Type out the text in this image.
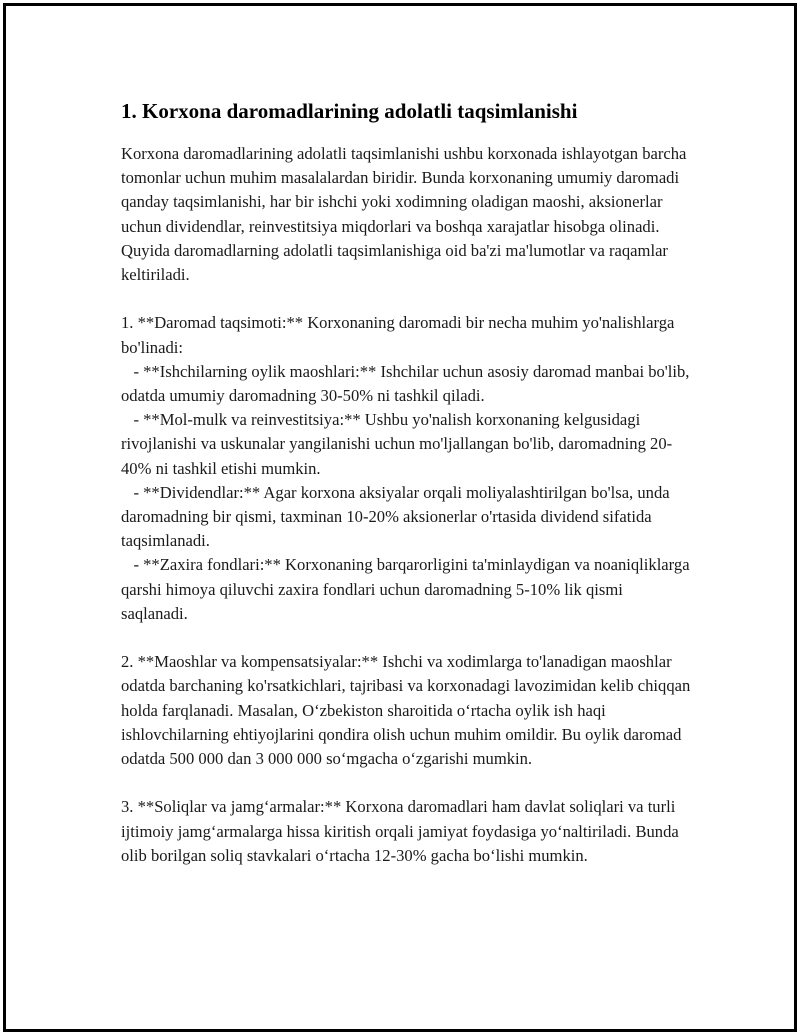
1. Korxona daromadlarining adolatli taqsimlanishi

Korxona daromadlarining adolatli taqsimlanishi ushbu korxonada ishlayotgan barcha tomonlar uchun muhim masalalardan biridir. Bunda korxonaning umumiy daromadi qanday taqsimlanishi, har bir ishchi yoki xodimning oladigan maoshi, aksionerlar uchun dividendlar, reinvestitsiya miqdorlari va boshqa xarajatlar hisobga olinadi. Quyida daromadlarning adolatli taqsimlanishiga oid ba'zi ma'lumotlar va raqamlar keltiriladi.

1. **Daromad taqsimoti:** Korxonaning daromadi bir necha muhim yo'nalishlarga bo'linadi:

- **Ishchilarning oylik maoshlari:** Ishchilar uchun asosiy daromad manbai bo'lib, odatda umumiy daromadning 30-50% ni tashkil qiladi.

- **Mol-mulk va reinvestitsiya:** Ushbu yo'nalish korxonaning kelgusidagi rivojlanishi va uskunalar yangilanishi uchun mo'ljallangan bo'lib, daromadning 20-40% ni tashkil etishi mumkin.

- **Dividendlar:** Agar korxona aksiyalar orqali moliyalashtirilgan bo'lsa, unda daromadning bir qismi, taxminan 10-20% aksionerlar o'rtasida dividend sifatida taqsimlanadi.

- **Zaxira fondlari:** Korxonaning barqarorligini ta'minlaydigan va noaniqliklarga qarshi himoya qiluvchi zaxira fondlari uchun daromadning 5-10% lik qismi saqlanadi.

2. **Maoshlar va kompensatsiyalar:** Ishchi va xodimlarga to'lanadigan maoshlar odatda barchaning ko'rsatkichlari, tajribasi va korxonadagi lavozimidan kelib chiqqan holda farqlanadi. Masalan, O‘zbekiston sharoitida o‘rtacha oylik ish haqi ishlovchilarning ehtiyojlarini qondira olish uchun muhim omildir. Bu oylik daromad odatda 500 000 dan 3 000 000 so‘mgacha o‘zgarishi mumkin.

3. **Soliqlar va jamg‘armalar:** Korxona daromadlari ham davlat soliqlari va turli ijtimoiy jamg‘armalarga hissa kiritish orqali jamiyat foydasiga yo‘naltiriladi. Bunda olib borilgan soliq stavkalari o‘rtacha 12-30% gacha bo‘lishi mumkin.
